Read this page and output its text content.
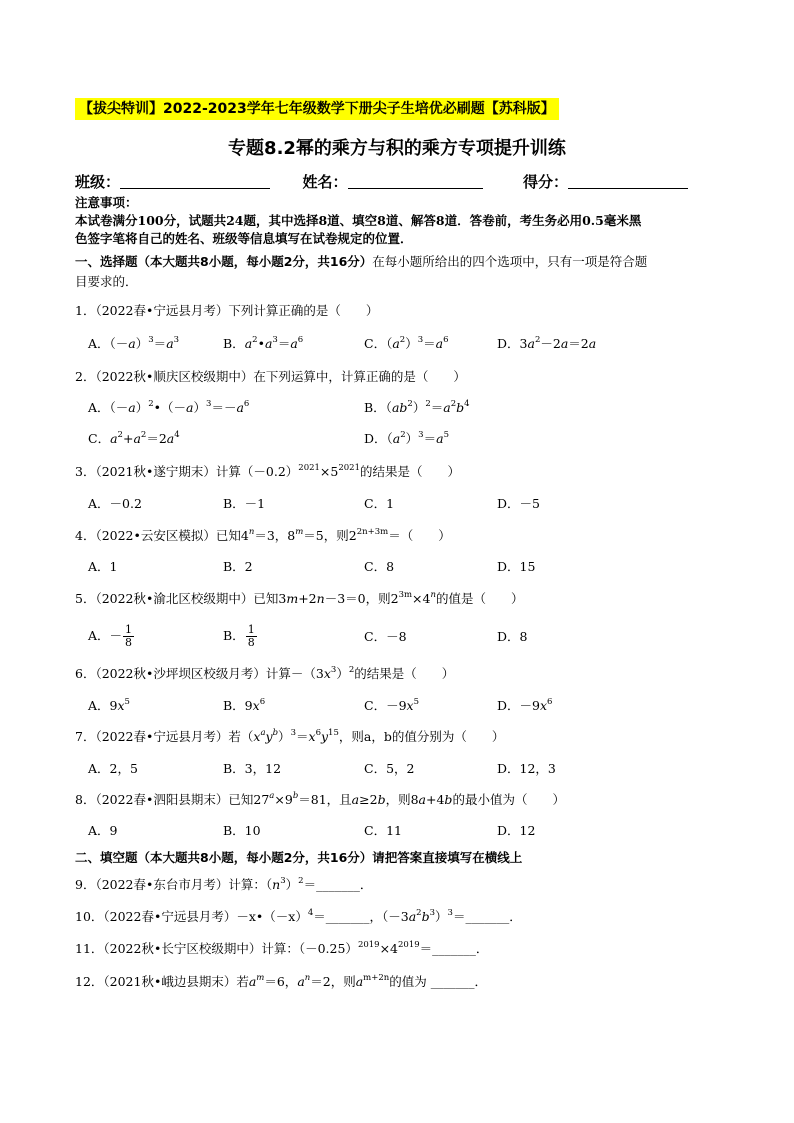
【拔尖特训】2022-2023学年七年级数学下册尖子生培优必刷题【苏科版】
专题8.2幂的乘方与积的乘方专项提升训练
班级：	姓名：	得分：
注意事项：
本试卷满分100分，试题共24题，其中选择8道、填空8道、解答8道．答卷前，考生务必用0.5毫米黑
色签字笔将自己的姓名、班级等信息填写在试卷规定的位置．
一、选择题（本大题共8小题，每小题2分，共16分）在每小题所给出的四个选项中，只有一项是符合题
目要求的．
1．（2022春•宁远县月考）下列计算正确的是（　　）
A．$(-a)^3=a^3$	B．$a^2•a^3=a^6$	C．$(a^2)^3=a^6$	D．$3a^2-2a=2a$
2．（2022秋•顺庆区校级期中）在下列运算中，计算正确的是（　　）
A．$(-a)^2•(-a)^3=-a^6$	B．$(ab^2)^2=a^2b^4$
C．$a^2+a^2=2a^4$	D．$(a^2)^3=a^5$
3．（2021秋•遂宁期末）计算$(-0.2)^{2021}\times 5^{2021}$的结果是（　　）
A．－0.2	B．－1	C．1	D．－5
4．（2022•云安区模拟）已知$4^n=3$，$8^m=5$，则$2^{2n+3m}=$（　　）
A．1	B．2	C．8	D．15
5．（2022秋•渝北区校级期中）已知3m+2n－3＝0，则$2^{3m}\times 4^n$的值是（　　）
A．－ $\frac{1}{8}$	B． $\frac{1}{8}$	C．－8	D．8
6．（2022秋•沙坪坝区校级月考）计算$-(3x^3)^2$的结果是（　　）
A．$9x^5$	B．$9x^6$	C．$-9x^5$	D．$-9x^6$
7．（2022春•宁远县月考）若$(x^ay^b)^3=x^6y^{15}$，则a，b的值分别为（　　）
A．2，5	B．3，12	C．5，2	D．12，3
8．（2022春•泗阳县期末）已知$27^a\times 9^b=81$，且a≥2b，则8a+4b的最小值为（　　）
A．9	B．10	C．11	D．12
二、填空题（本大题共8小题，每小题2分，共16分）请把答案直接填写在横线上
9．（2022春•东台市月考）计算：$(n^3)^2=\_\_\_\_\_\_\_$．
10．（2022春•宁远县月考）$-x•(-x)^4=\_\_\_\_\_\_\_$，$(-3a^2b^3)^3=\_\_\_\_\_\_\_$．
11．（2022秋•长宁区校级期中）计算：$(-0.25)^{2019}\times 4^{2019}=\_\_\_\_\_\_\_$．
12．（2021秋•峨边县期末）若$a^m=6$，$a^n=2$，则$a^{m+2n}$的值为 _______．
